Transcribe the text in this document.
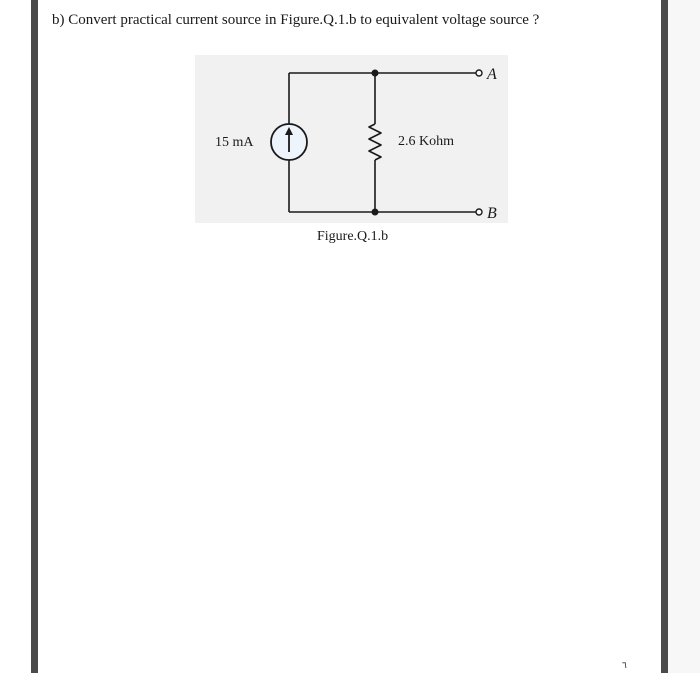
b) Convert practical current source in Figure.Q.1.b to equivalent voltage source ?
15 mA	2.6 Kohm
A
B
Figure.Q.1.b
٦
